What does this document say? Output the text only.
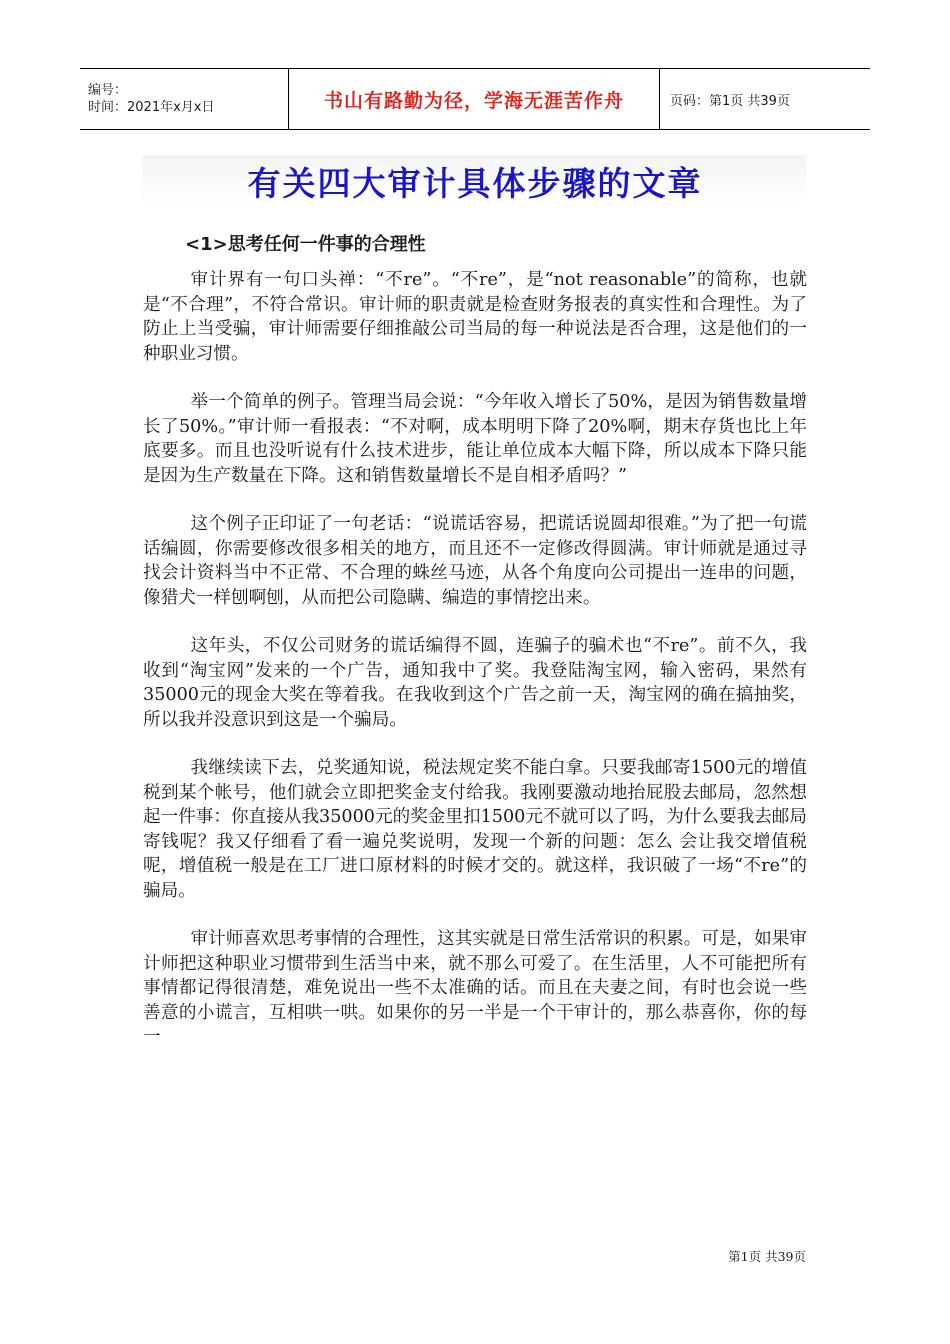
编号：
时间：2021年x月x日	书山有路勤为径，学海无涯苦作舟	页码：第1页 共39页
有关四大审计具体步骤的文章
<1>思考任何一件事的合理性

审计界有一句口头禅：“不re”。“不re”，是“not reasonable”的简称，也就是“不合理”，不符合常识。审计师的职责就是检查财务报表的真实性和合理性。为了防止上当受骗，审计师需要仔细推敲公司当局的每一种说法是否合理，这是他们的一种职业习惯。

举一个简单的例子。管理当局会说：“今年收入增长了50%，是因为销售数量增长了50%。”审计师一看报表：“不对啊，成本明明下降了20%啊，期末存货也比上年底要多。而且也没听说有什么技术进步，能让单位成本大幅下降，所以成本下降只能是因为生产数量在下降。这和销售数量增长不是自相矛盾吗？”

这个例子正印证了一句老话：“说谎话容易，把谎话说圆却很难。”为了把一句谎话编圆，你需要修改很多相关的地方，而且还不一定修改得圆满。审计师就是通过寻找会计资料当中不正常、不合理的蛛丝马迹，从各个角度向公司提出一连串的问题，像猎犬一样刨啊刨，从而把公司隐瞒、编造的事情挖出来。

这年头，不仅公司财务的谎话编得不圆，连骗子的骗术也“不re”。前不久，我收到“淘宝网”发来的一个广告，通知我中了奖。我登陆淘宝网，输入密码，果然有35000元的现金大奖在等着我。在我收到这个广告之前一天，淘宝网的确在搞抽奖，所以我并没意识到这是一个骗局。

我继续读下去，兑奖通知说，税法规定奖不能白拿。只要我邮寄1500元的增值税到某个帐号，他们就会立即把奖金支付给我。我刚要激动地抬屁股去邮局，忽然想起一件事：你直接从我35000元的奖金里扣1500元不就可以了吗，为什么要我去邮局寄钱呢？我又仔细看了看一遍兑奖说明，发现一个新的问题：怎么 会让我交增值税呢，增值税一般是在工厂进口原材料的时候才交的。就这样，我识破了一场“不re”的骗局。

审计师喜欢思考事情的合理性，这其实就是日常生活常识的积累。可是，如果审计师把这种职业习惯带到生活当中来，就不那么可爱了。在生活里，人不可能把所有事情都记得很清楚，难免说出一些不太准确的话。而且在夫妻之间，有时也会说一些善意的小谎言，互相哄一哄。如果你的另一半是一个干审计的，那么恭喜你，你的每一

第1页 共39页
